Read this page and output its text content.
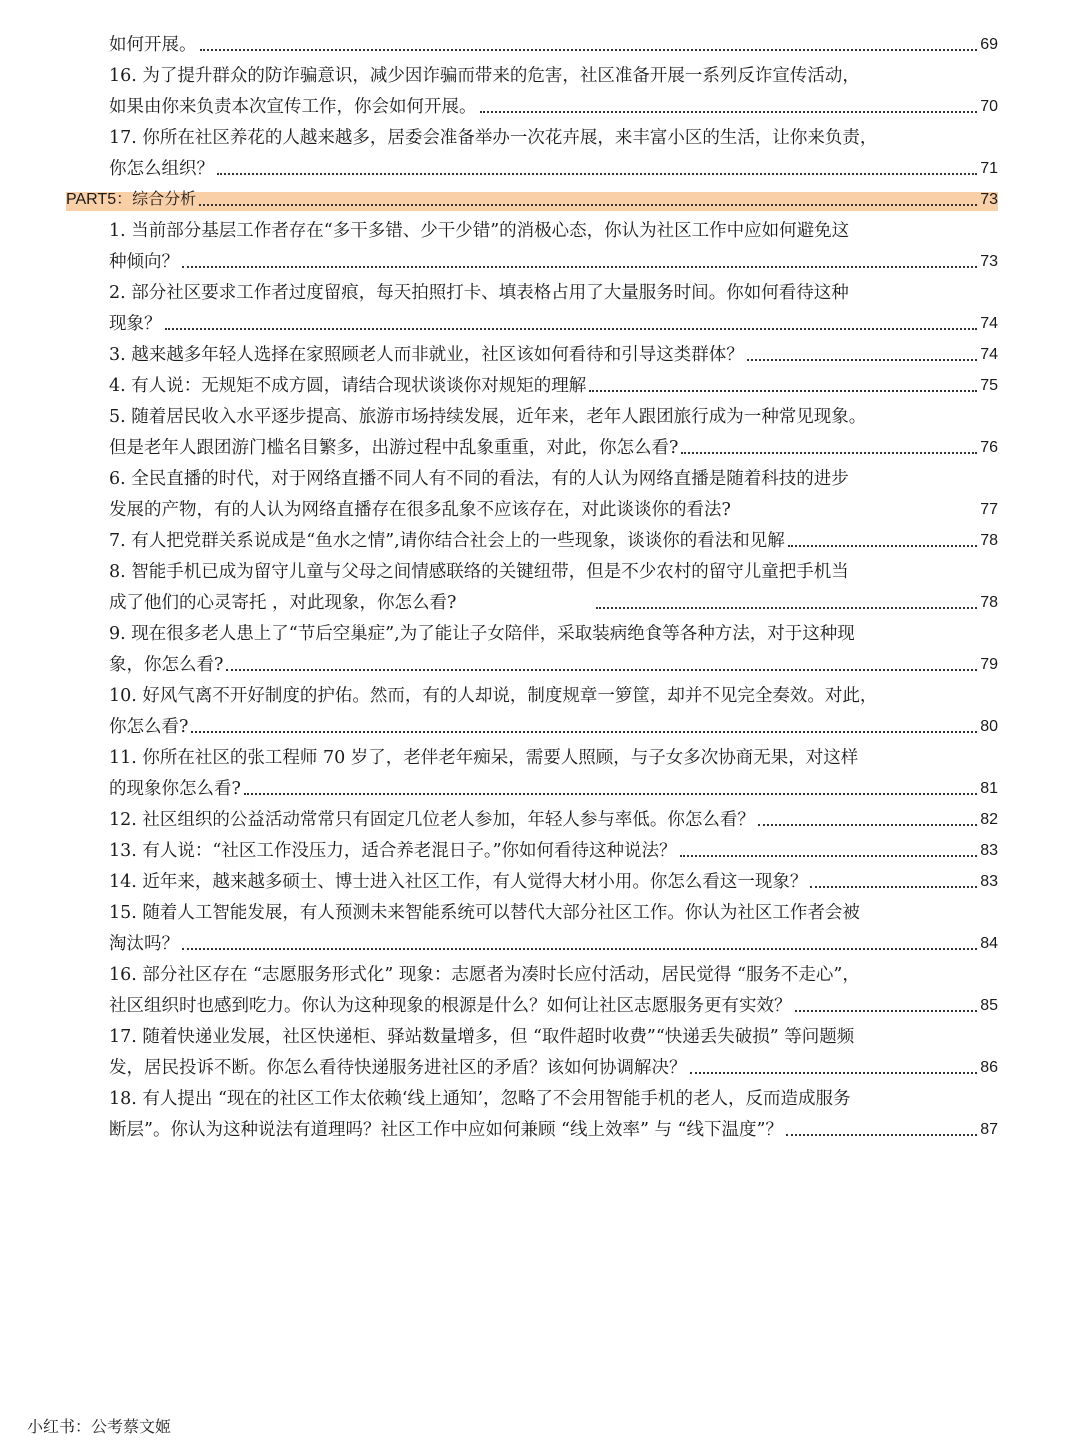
如何开展。	69
16. 为了提升群众的防诈骗意识，减少因诈骗而带来的危害，社区准备开展一系列反诈宣传活动，
如果由你来负责本次宣传工作，你会如何开展。	70
17. 你所在社区养花的人越来越多，居委会准备举办一次花卉展，来丰富小区的生活，让你来负责，
你怎么组织？	71
PART5：综合分析	73
1. 当前部分基层工作者存在“多干多错、少干少错”的消极心态，你认为社区工作中应如何避免这
种倾向？	73
2. 部分社区要求工作者过度留痕，每天拍照打卡、填表格占用了大量服务时间。你如何看待这种
现象？	74
3. 越来越多年轻人选择在家照顾老人而非就业，社区该如何看待和引导这类群体？	74
4. 有人说：无规矩不成方圆，请结合现状谈谈你对规矩的理解	75
5. 随着居民收入水平逐步提高、旅游市场持续发展，近年来，老年人跟团旅行成为一种常见现象。
但是老年人跟团游门槛名目繁多，出游过程中乱象重重，对此，你怎么看?	76
6. 全民直播的时代，对于网络直播不同人有不同的看法，有的人认为网络直播是随着科技的进步
发展的产物，有的人认为网络直播存在很多乱象不应该存在，对此谈谈你的看法?	77
7. 有人把党群关系说成是“鱼水之情”,请你结合社会上的一些现象，谈谈你的看法和见解	78
8. 智能手机已成为留守儿童与父母之间情感联络的关键纽带，但是不少农村的留守儿童把手机当
成了他们的心灵寄托 ，对此现象，你怎么看?	78
9. 现在很多老人患上了“节后空巢症”,为了能让子女陪伴，采取装病绝食等各种方法，对于这种现
象，你怎么看?	79
10. 好风气离不开好制度的护佑。然而，有的人却说，制度规章一箩筐，却并不见完全奏效。对此，
你怎么看?	80
11. 你所在社区的张工程师 70 岁了，老伴老年痴呆，需要人照顾，与子女多次协商无果，对这样
的现象你怎么看?	81
12. 社区组织的公益活动常常只有固定几位老人参加，年轻人参与率低。你怎么看？	82
13. 有人说：“社区工作没压力，适合养老混日子。”你如何看待这种说法？	83
14. 近年来，越来越多硕士、博士进入社区工作，有人觉得大材小用。你怎么看这一现象？	83
15. 随着人工智能发展，有人预测未来智能系统可以替代大部分社区工作。你认为社区工作者会被
淘汰吗？	84
16. 部分社区存在 “志愿服务形式化” 现象：志愿者为凑时长应付活动，居民觉得 “服务不走心”，
社区组织时也感到吃力。你认为这种现象的根源是什么？如何让社区志愿服务更有实效？	85
17. 随着快递业发展，社区快递柜、驿站数量增多，但 “取件超时收费”“快递丢失破损” 等问题频
发，居民投诉不断。你怎么看待快递服务进社区的矛盾？该如何协调解决？	86
18. 有人提出 “现在的社区工作太依赖‘线上通知’，忽略了不会用智能手机的老人，反而造成服务
断层”。你认为这种说法有道理吗？社区工作中应如何兼顾 “线上效率” 与 “线下温度”？	87
小红书：公考蔡文姬
